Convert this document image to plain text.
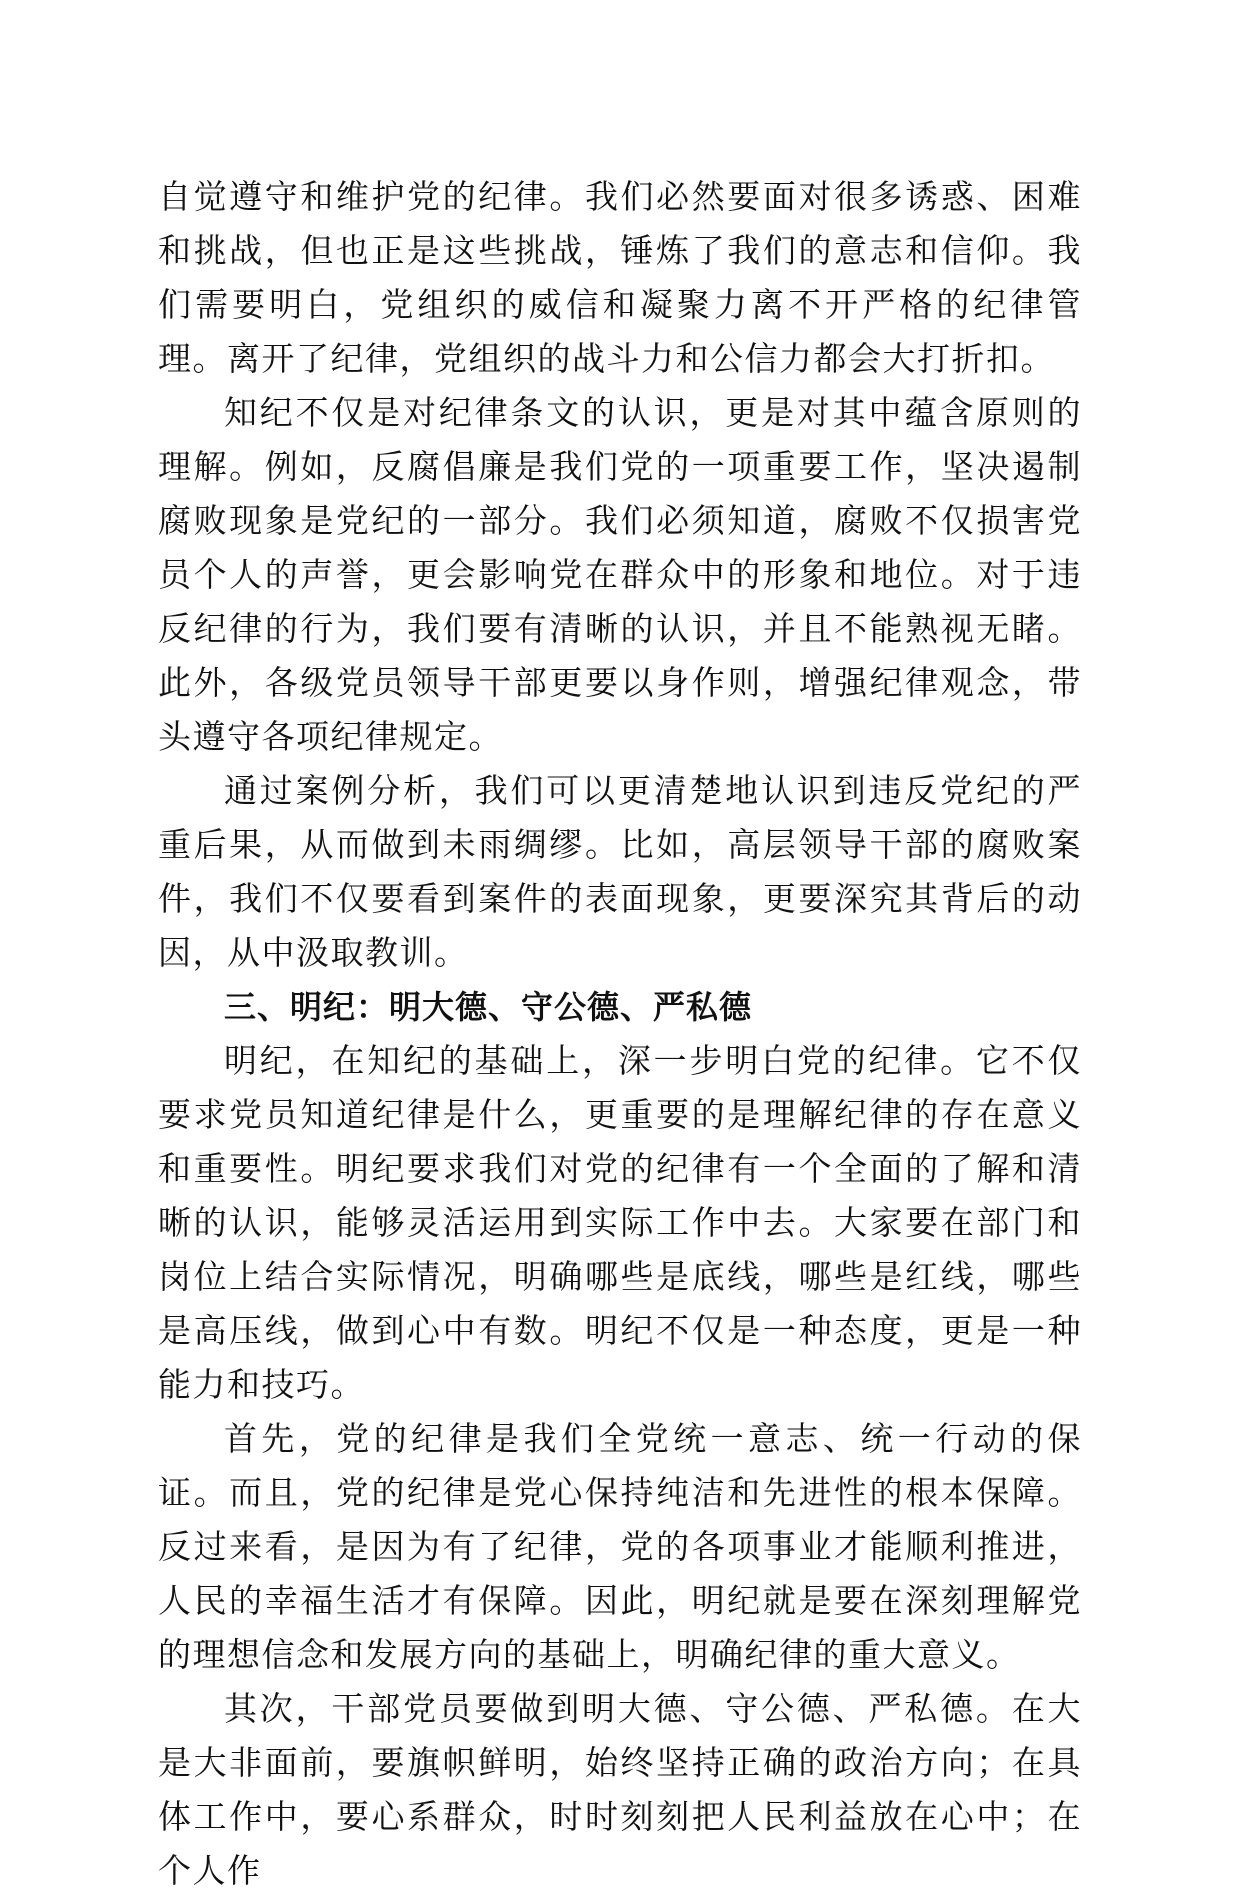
自觉遵守和维护党的纪律。我们必然要面对很多诱惑、困难和挑战，但也正是这些挑战，锤炼了我们的意志和信仰。我们需要明白，党组织的威信和凝聚力离不开严格的纪律管理。离开了纪律，党组织的战斗力和公信力都会大打折扣。

知纪不仅是对纪律条文的认识，更是对其中蕴含原则的理解。例如，反腐倡廉是我们党的一项重要工作，坚决遏制腐败现象是党纪的一部分。我们必须知道，腐败不仅损害党员个人的声誉，更会影响党在群众中的形象和地位。对于违反纪律的行为，我们要有清晰的认识，并且不能熟视无睹。此外，各级党员领导干部更要以身作则，增强纪律观念，带头遵守各项纪律规定。

通过案例分析，我们可以更清楚地认识到违反党纪的严重后果，从而做到未雨绸缪。比如，高层领导干部的腐败案件，我们不仅要看到案件的表面现象，更要深究其背后的动因，从中汲取教训。

三、明纪：明大德、守公德、严私德

明纪，在知纪的基础上，深一步明白党的纪律。它不仅要求党员知道纪律是什么，更重要的是理解纪律的存在意义和重要性。明纪要求我们对党的纪律有一个全面的了解和清晰的认识，能够灵活运用到实际工作中去。大家要在部门和岗位上结合实际情况，明确哪些是底线，哪些是红线，哪些是高压线，做到心中有数。明纪不仅是一种态度，更是一种能力和技巧。

首先，党的纪律是我们全党统一意志、统一行动的保证。而且，党的纪律是党心保持纯洁和先进性的根本保障。反过来看，是因为有了纪律，党的各项事业才能顺利推进，人民的幸福生活才有保障。因此，明纪就是要在深刻理解党的理想信念和发展方向的基础上，明确纪律的重大意义。

其次，干部党员要做到明大德、守公德、严私德。在大是大非面前，要旗帜鲜明，始终坚持正确的政治方向；在具体工作中，要心系群众，时时刻刻把人民利益放在心中；在个人作
